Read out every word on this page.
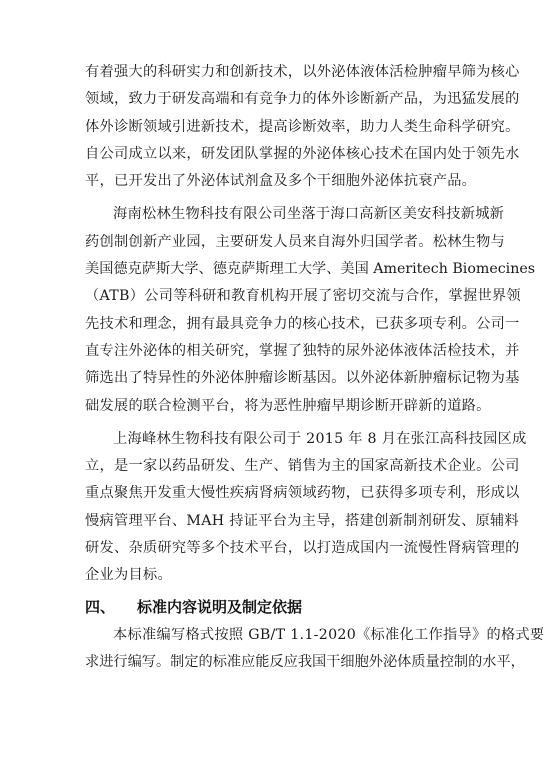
有着强大的科研实力和创新技术，以外泌体液体活检肿瘤早筛为核心
领域，致力于研发高端和有竞争力的体外诊断新产品，为迅猛发展的
体外诊断领域引进新技术，提高诊断效率，助力人类生命科学研究。
自公司成立以来，研发团队掌握的外泌体核心技术在国内处于领先水
平，已开发出了外泌体试剂盒及多个干细胞外泌体抗衰产品。
海南松林生物科技有限公司坐落于海口高新区美安科技新城新
药创制创新产业园，主要研发人员来自海外归国学者。松林生物与
美国德克萨斯大学、德克萨斯理工大学、美国 Ameritech Biomecines
（ATB）公司等科研和教育机构开展了密切交流与合作，掌握世界领
先技术和理念，拥有最具竞争力的核心技术，已获多项专利。公司一
直专注外泌体的相关研究，掌握了独特的尿外泌体液体活检技术，并
筛选出了特异性的外泌体肿瘤诊断基因。以外泌体新肿瘤标记物为基
础发展的联合检测平台，将为恶性肿瘤早期诊断开辟新的道路。
上海峰林生物科技有限公司于 2015 年 8 月在张江高科技园区成
立，是一家以药品研发、生产、销售为主的国家高新技术企业。公司
重点聚焦开发重大慢性疾病肾病领域药物，已获得多项专利，形成以
慢病管理平台、MAH 持证平台为主导，搭建创新制剂研发、原辅料
研发、杂质研究等多个技术平台，以打造成国内一流慢性肾病管理的
企业为目标。
四、 标准内容说明及制定依据
本标准编写格式按照 GB/T 1.1-2020《标准化工作指导》的格式要
求进行编写。制定的标准应能反应我国干细胞外泌体质量控制的水平，
